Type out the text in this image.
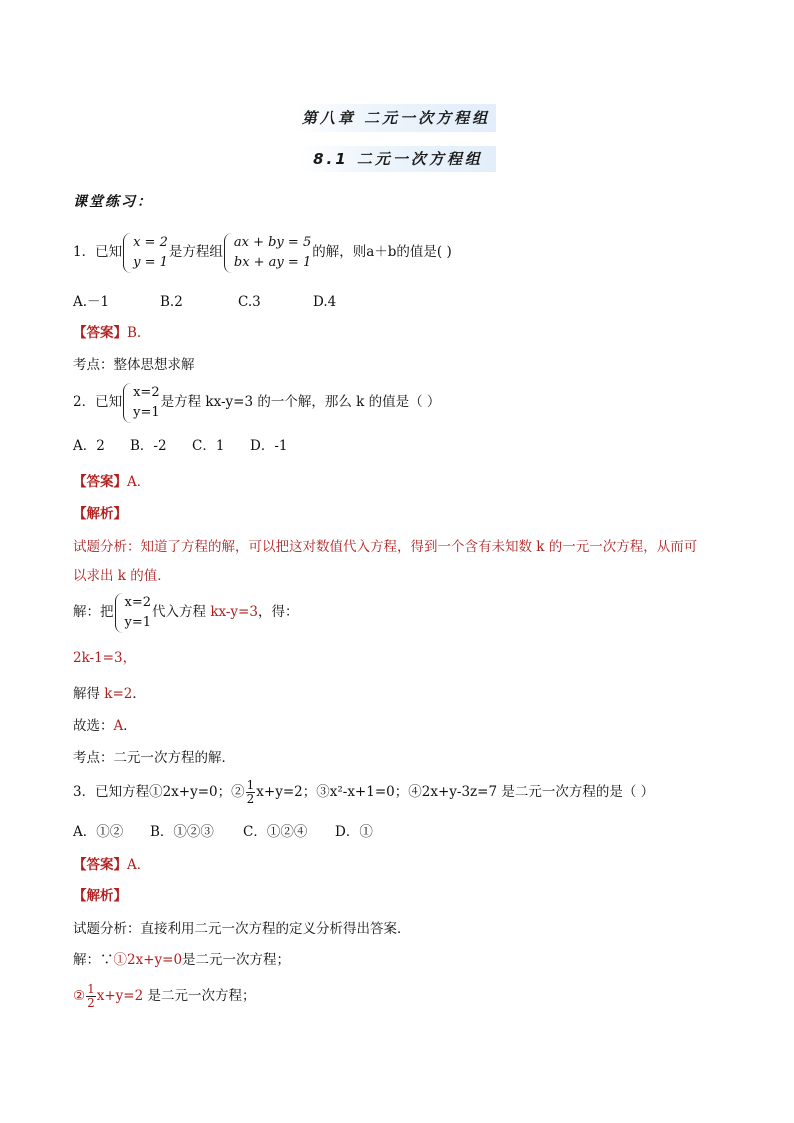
第八章 二元一次方程组
8.1 二元一次方程组
课堂练习：
1．已知
x = 2
y = 1
是方程组
ax + by = 5
bx + ay = 1
的解，则a＋b的值是( )
A.－1	B.2	C.3	D.4
【答案】B.
考点：整体思想求解
2．已知
x=2
y=1
是方程 kx-y=3 的一个解，那么 k 的值是（ ）
A．2 B．-2 C．1 D．-1
【答案】A．
【解析】
试题分析：知道了方程的解，可以把这对数值代入方程，得到一个含有未知数 k 的一元一次方程，从而可
以求出 k 的值．
解：把
x=2
y=1
代入方程 kx-y=3，得：
2k-1=3，
解得 k=2．
故选：A．
考点：二元一次方程的解．
3．已知方程①2x+y=0；② $\frac{1}{2} x+y=2$；③x²-x+1=0；④2x+y-3z=7 是二元一次方程的是（ ）
A．①② B．①②③ C．①②④ D．①
【答案】A．
【解析】
试题分析：直接利用二元一次方程的定义分析得出答案．
解：∵①2x+y=0是二元一次方程；
② $\frac{1}{2} x+y=2$ 是二元一次方程；
